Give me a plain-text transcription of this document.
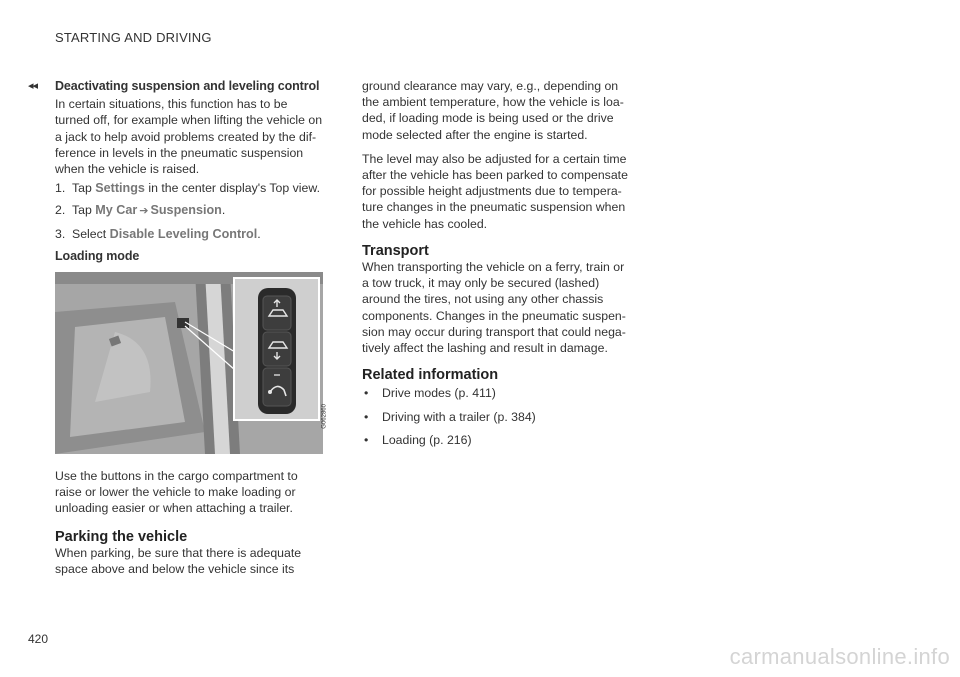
STARTING AND DRIVING
◂◂ Deactivating suspension and leveling control

In certain situations, this function has to be turned off, for example when lifting the vehicle on a jack to help avoid problems created by the difference in levels in the pneumatic suspension when the vehicle is raised.

1. Tap Settings in the center display's Top view.
2. Tap My Car ➔ Suspension.
3. Select Disable Leveling Control.
Loading mode
G062860

Use the buttons in the cargo compartment to raise or lower the vehicle to make loading or unloading easier or when attaching a trailer.

Parking the vehicle

When parking, be sure that there is adequate space above and below the vehicle since its

ground clearance may vary, e.g., depending on the ambient temperature, how the vehicle is loaded, if loading mode is being used or the drive mode selected after the engine is started.

The level may also be adjusted for a certain time after the vehicle has been parked to compensate for possible height adjustments due to temperature changes in the pneumatic suspension when the vehicle has cooled.

Transport

When transporting the vehicle on a ferry, train or a tow truck, it may only be secured (lashed) around the tires, not using any other chassis components. Changes in the pneumatic suspension may occur during transport that could negatively affect the lashing and result in damage.

Related information
• Drive modes (p. 411)
• Driving with a trailer (p. 384)
• Loading (p. 216)
420
carmanualsonline.info
